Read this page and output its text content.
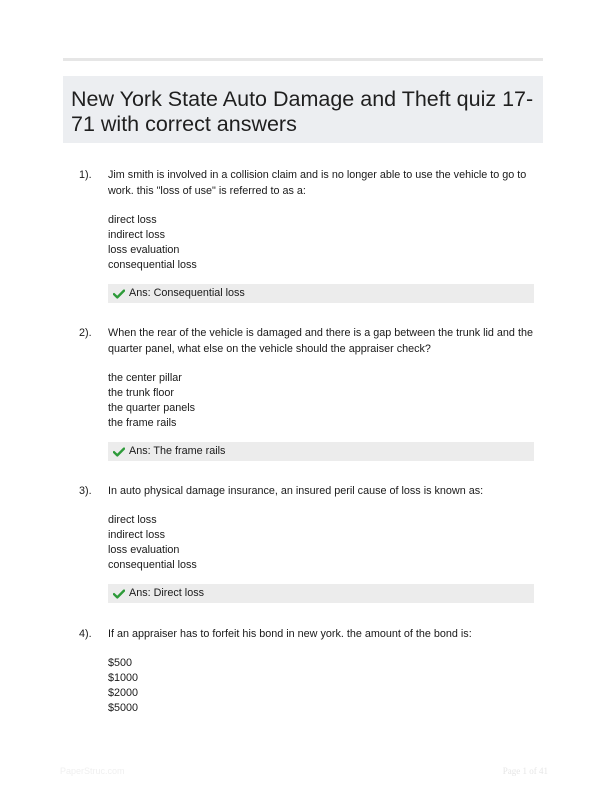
New York State Auto Damage and Theft quiz 17-71 with correct answers
1). Jim smith is involved in a collision claim and is no longer able to use the vehicle to go to work. this "loss of use" is referred to as a:
direct loss
indirect loss
loss evaluation
consequential loss
Ans: Consequential loss
2). When the rear of the vehicle is damaged and there is a gap between the trunk lid and the quarter panel, what else on the vehicle should the appraiser check?
the center pillar
the trunk floor
the quarter panels
the frame rails
Ans: The frame rails
3). In auto physical damage insurance, an insured peril cause of loss is known as:
direct loss
indirect loss
loss evaluation
consequential loss
Ans: Direct loss
4). If an appraiser has to forfeit his bond in new york. the amount of the bond is:
$500
$1000
$2000
$5000
PaperStruc.com	Page 1 of 41
